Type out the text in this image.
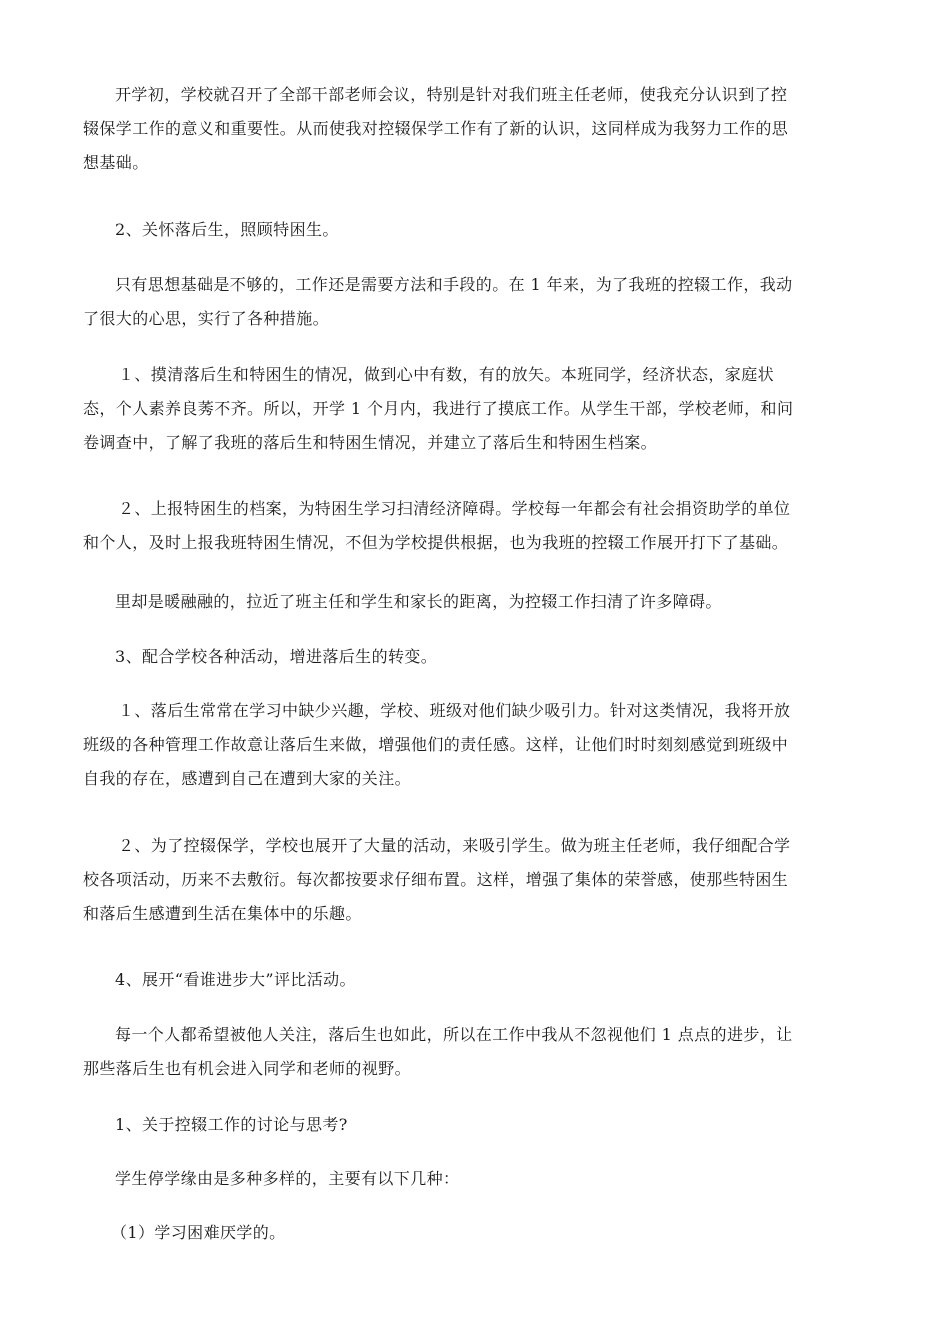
开学初，学校就召开了全部干部老师会议，特别是针对我们班主任老师，使我充分认识到了控
辍保学工作的意义和重要性。从而使我对控辍保学工作有了新的认识，这同样成为我努力工作的思
想基础。

2、关怀落后生，照顾特困生。

只有思想基础是不够的，工作还是需要方法和手段的。在 1 年来，为了我班的控辍工作，我动
了很大的心思，实行了各种措施。

１、摸清落后生和特困生的情况，做到心中有数，有的放矢。本班同学，经济状态，家庭状
态，个人素养良莠不齐。所以，开学 1 个月内，我进行了摸底工作。从学生干部，学校老师，和问
卷调查中，了解了我班的落后生和特困生情况，并建立了落后生和特困生档案。

２、上报特困生的档案，为特困生学习扫清经济障碍。学校每一年都会有社会捐资助学的单位
和个人，及时上报我班特困生情况，不但为学校提供根据，也为我班的控辍工作展开打下了基础。

里却是暖融融的，拉近了班主任和学生和家长的距离，为控辍工作扫清了许多障碍。

3、配合学校各种活动，增进落后生的转变。

１、落后生常常在学习中缺少兴趣，学校、班级对他们缺少吸引力。针对这类情况，我将开放
班级的各种管理工作故意让落后生来做，增强他们的责任感。这样，让他们时时刻刻感觉到班级中
自我的存在，感遭到自己在遭到大家的关注。

２、为了控辍保学，学校也展开了大量的活动，来吸引学生。做为班主任老师，我仔细配合学
校各项活动，历来不去敷衍。每次都按要求仔细布置。这样，增强了集体的荣誉感，使那些特困生
和落后生感遭到生活在集体中的乐趣。

4、展开“看谁进步大”评比活动。

每一个人都希望被他人关注，落后生也如此，所以在工作中我从不忽视他们 1 点点的进步，让
那些落后生也有机会进入同学和老师的视野。

1、关于控辍工作的讨论与思考?

学生停学缘由是多种多样的，主要有以下几种：

（1）学习困难厌学的。
